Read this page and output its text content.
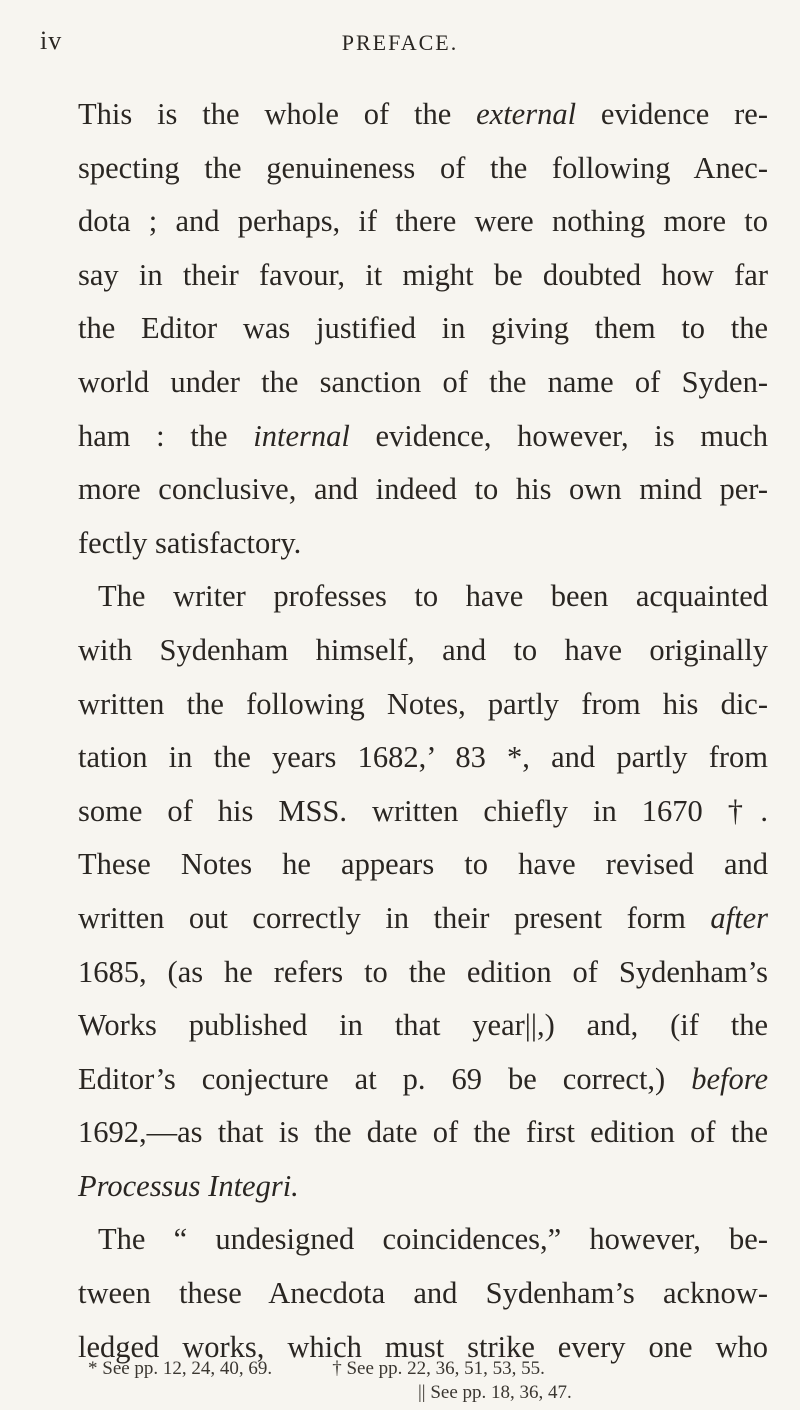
iv	PREFACE.
This is the whole of the external evidence re-
specting the genuineness of the following Anec-
dota ; and perhaps, if there were nothing more to
say in their favour, it might be doubted how far
the Editor was justified in giving them to the
world under the sanction of the name of Syden-
ham : the internal evidence, however, is much
more conclusive, and indeed to his own mind per-
fectly satisfactory.
The writer professes to have been acquainted
with Sydenham himself, and to have originally
written the following Notes, partly from his dic-
tation in the years 1682,’ 83 *, and partly from
some of his MSS. written chiefly in 1670 †.
These Notes he appears to have revised and
written out correctly in their present form after
1685, (as he refers to the edition of Sydenham’s
Works published in that year||,) and, (if the
Editor’s conjecture at p. 69 be correct,) before
1692,—as that is the date of the first edition of the
Processus Integri.
The “ undesigned coincidences,” however, be-
tween these Anecdota and Sydenham’s acknow-
ledged works, which must strike every one who
* See pp. 12, 24, 40, 69.	† See pp. 22, 36, 51, 53, 55.
|| See pp. 18, 36, 47.
